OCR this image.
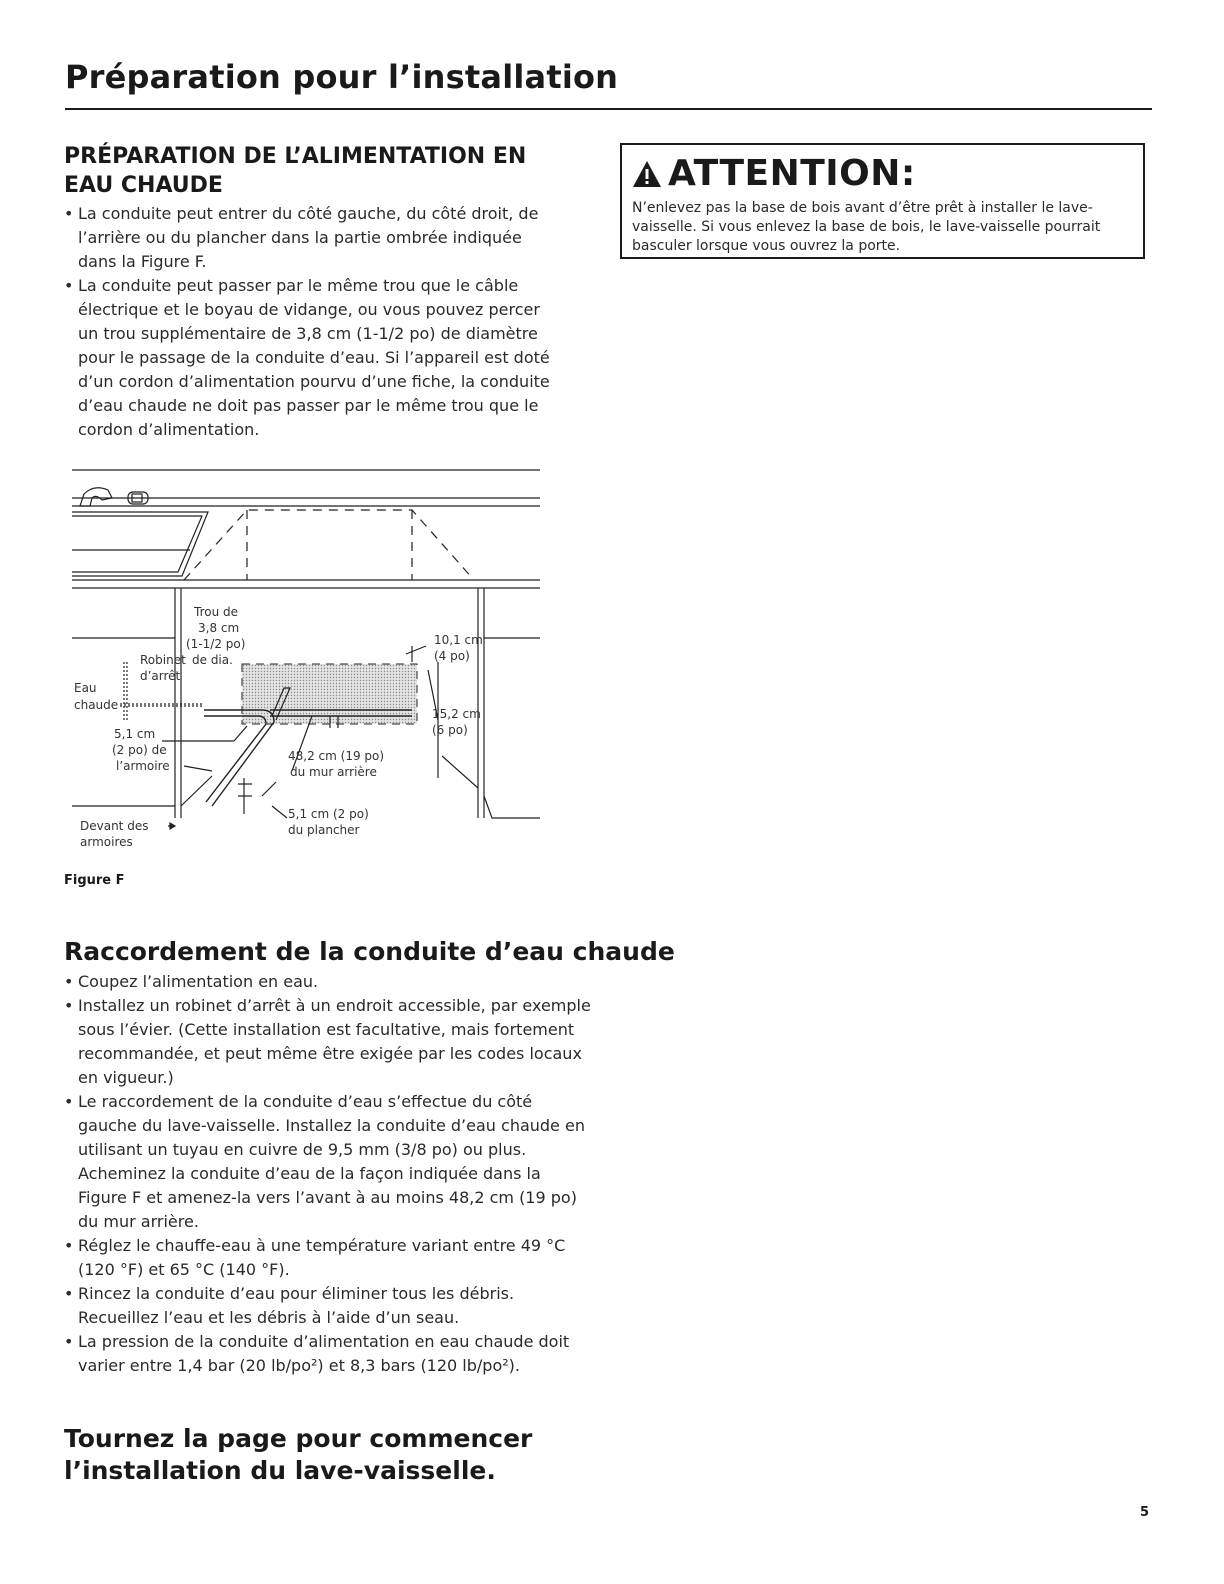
Préparation pour l’installation
PRÉPARATION DE L’ALIMENTATION EN EAU CHAUDE
• La conduite peut entrer du côté gauche, du côté droit, de l’arrière ou du plancher dans la partie ombrée indiquée dans la Figure F.
• La conduite peut passer par le même trou que le câble électrique et le boyau de vidange, ou vous pouvez percer un trou supplémentaire de 3,8 cm (1-1/2 po) de diamètre pour le passage de la conduite d’eau. Si l’appareil est doté d’un cordon d’alimentation pourvu d’une fiche, la conduite d’eau chaude ne doit pas passer par le même trou que le cordon d’alimentation.
ATTENTION:
N’enlevez pas la base de bois avant d’être prêt à installer le lave-vaisselle. Si vous enlevez la base de bois, le lave-vaisselle pourrait basculer lorsque vous ouvrez la porte.
Trou de
3,8 cm
(1-1/2 po)
Robinet de dia.
d’arrêt
Eau
chaude
5,1 cm
(2 po) de
l’armoire
Devant des
armoires
10,1 cm
(4 po)
15,2 cm
(6 po)
48,2 cm (19 po)
du mur arrière
5,1 cm (2 po)
du plancher
Figure F
Raccordement de la conduite d’eau chaude
• Coupez l’alimentation en eau.
• Installez un robinet d’arrêt à un endroit accessible, par exemple sous l’évier. (Cette installation est facultative, mais fortement recommandée, et peut même être exigée par les codes locaux en vigueur.)
• Le raccordement de la conduite d’eau s’effectue du côté gauche du lave-vaisselle. Installez la conduite d’eau chaude en utilisant un tuyau en cuivre de 9,5 mm (3/8 po) ou plus. Acheminez la conduite d’eau de la façon indiquée dans la Figure F et amenez-la vers l’avant à au moins 48,2 cm (19 po) du mur arrière.
• Réglez le chauffe-eau à une température variant entre 49 °C (120 °F) et 65 °C (140 °F).
• Rincez la conduite d’eau pour éliminer tous les débris. Recueillez l’eau et les débris à l’aide d’un seau.
• La pression de la conduite d’alimentation en eau chaude doit varier entre 1,4 bar (20 lb/po²) et 8,3 bars (120 lb/po²).

Tournez la page pour commencer l’installation du lave-vaisselle.

5
